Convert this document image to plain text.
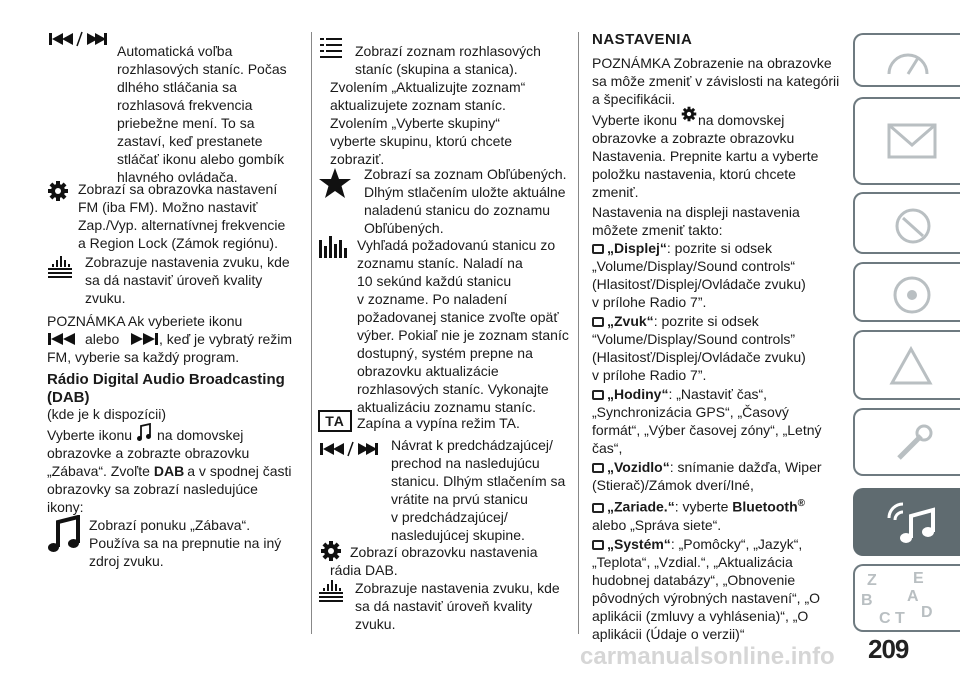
Automatická voľba
rozhlasových staníc. Počas
dlhého stláčania sa
rozhlasová frekvencia
priebežne mení. To sa
zastaví, keď prestanete
stláčať ikonu alebo gombík
hlavného ovládača.
Zobrazí sa obrazovka nastavení
FM (iba FM). Možno nastaviť
Zap./Vyp. alternatívnej frekvencie
a Region Lock (Zámok regiónu).
Zobrazuje nastavenia zvuku, kde
sa dá nastaviť úroveň kvality
zvuku.
POZNÁMKA Ak vyberiete ikonu
alebo	, keď je vybratý režim
FM, vyberie sa každý program.
Rádio Digital Audio Broadcasting
(DAB)
(kde je k dispozícii)
Vyberte ikonu na domovskej
obrazovke a zobrazte obrazovku
„Zábava“. Zvoľte DAB a v spodnej časti
obrazovky sa zobrazí nasledujúce
ikony:
Zobrazí ponuku „Zábava“.
Používa sa na prepnutie na iný
zdroj zvuku.
Zobrazí zoznam rozhlasových
staníc (skupina a stanica).
Zvolením „Aktualizujte zoznam“
aktualizujete zoznam staníc.
Zvolením „Vyberte skupiny“
vyberte skupinu, ktorú chcete
zobraziť.
Zobrazí sa zoznam Obľúbených.
Dlhým stlačením uložte aktuálne
naladenú stanicu do zoznamu
Obľúbených.
Vyhľadá požadovanú stanicu zo
zoznamu staníc. Naladí na
10 sekúnd každú stanicu
v zozname. Po naladení
požadovanej stanice zvoľte opäť
výber. Pokiaľ nie je zoznam staníc
dostupný, systém prepne na
obrazovku aktualizácie
rozhlasových staníc. Vykonajte
aktualizáciu zoznamu staníc.
TA Zapína a vypína režim TA.
Návrat k predchádzajúcej/
prechod na nasledujúcu
stanicu. Dlhým stlačením sa
vrátite na prvú stanicu
v predchádzajúcej/
nasledujúcej skupine.
Zobrazí obrazovku nastavenia
rádia DAB.
Zobrazuje nastavenia zvuku, kde
sa dá nastaviť úroveň kvality
zvuku.
NASTAVENIA
POZNÁMKA Zobrazenie na obrazovke
sa môže zmeniť v závislosti na kategórii
a špecifikácii.
Vyberte ikonu na domovskej
obrazovke a zobrazte obrazovku
Nastavenia. Prepnite kartu a vyberte
položku nastavenia, ktorú chcete
zmeniť.
Nastavenia na displeji nastavenia
môžete zmeniť takto:
„Displej“: pozrite si odsek
„Volume/Display/Sound controls“
(Hlasitosť/Displej/Ovládače zvuku)
v prílohe Radio 7”.
„Zvuk“: pozrite si odsek
“Volume/Display/Sound controls”
(Hlasitosť/Displej/Ovládače zvuku)
v prílohe Radio 7”.
„Hodiny“: „Nastaviť čas“,
„Synchronizácia GPS“, „Časový
formát“, „Výber časovej zóny“, „Letný
čas“,
„Vozidlo“: snímanie dažďa, Wiper
(Stierač)/Zámok dverí/Iné,
„Zariade.“: vyberte Bluetooth®
alebo „Správa siete“.
„Systém“: „Pomôcky“, „Jazyk“,
„Teplota“, „Vzdial.“, „Aktualizácia
hudobnej databázy“, „Obnovenie
pôvodných výrobných nastavení“, „O
aplikácii (zmluvy a vyhlásenia)“, „O
aplikácii (Údaje o verzii)“
Z E
B A
C T D
209
carmanualsonline.info
